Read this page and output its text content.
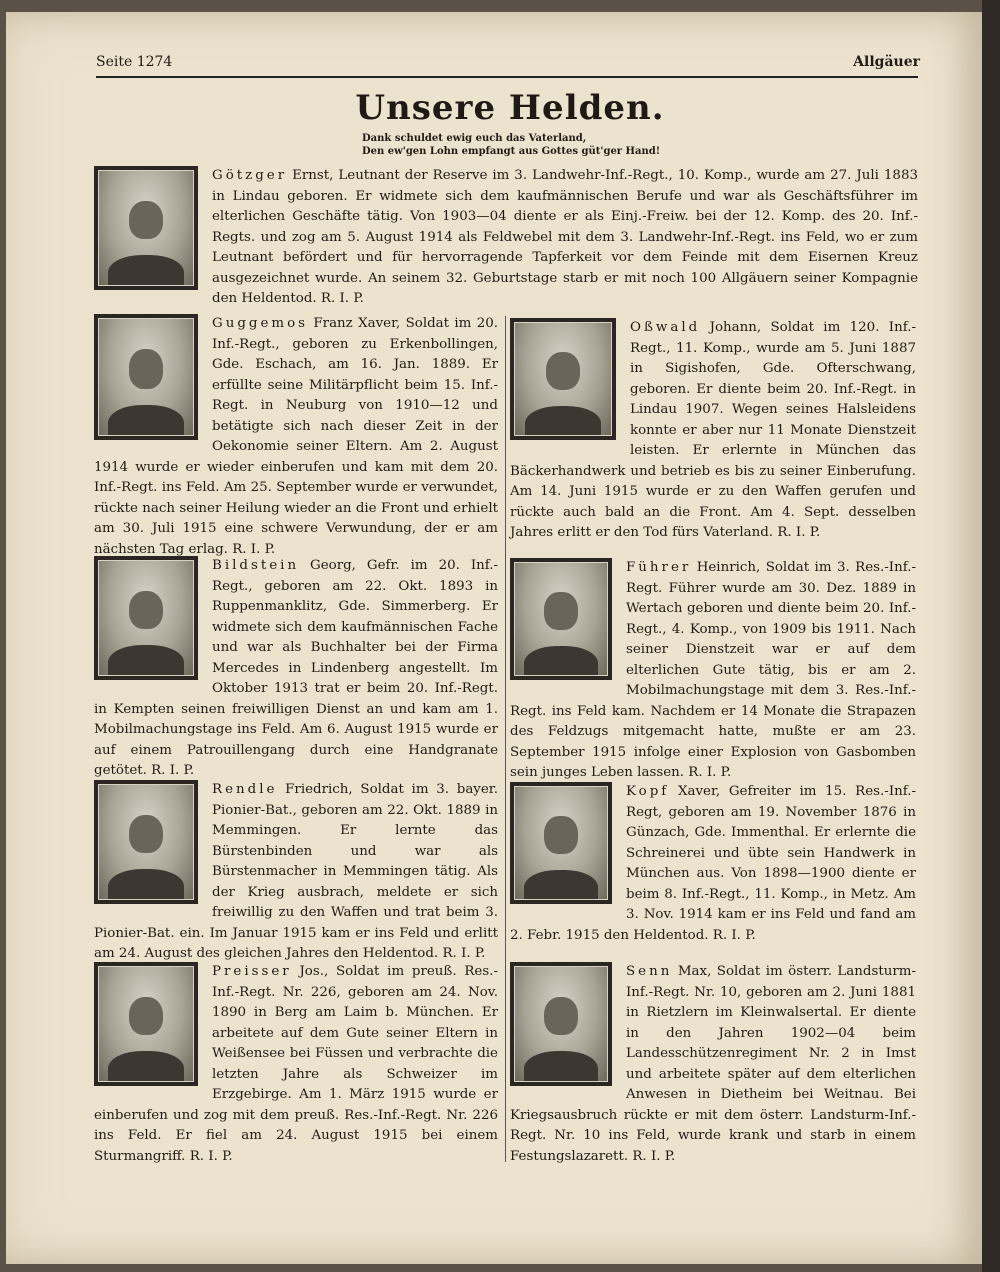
Seite 1274	Allgäuer
Unsere Helden.
Dank schuldet ewig euch das Vaterland,
Den ew'gen Lohn empfangt aus Gottes güt'ger Hand!
Götzger Ernst, Leutnant der Reserve im 3. Landwehr-Inf.-Regt., 10. Komp., wurde am 27. Juli 1883 in Lindau geboren. Er widmete sich dem kaufmännischen Berufe und war als Geschäftsführer im elterlichen Geschäfte tätig. Von 1903—04 diente er als Einj.-Freiw. bei der 12. Komp. des 20. Inf.-Regts. und zog am 5. August 1914 als Feldwebel mit dem 3. Landwehr-Inf.-Regt. ins Feld, wo er zum Leutnant befördert und für hervorragende Tapferkeit vor dem Feinde mit dem Eisernen Kreuz ausgezeichnet wurde. An seinem 32. Geburtstage starb er mit noch 100 Allgäuern seiner Kompagnie den Heldentod. R. I. P.
Guggemos Franz Xaver, Soldat im 20. Inf.-Regt., geboren zu Erkenbollingen, Gde. Eschach, am 16. Jan. 1889. Er erfüllte seine Militärpflicht beim 15. Inf.-Regt. in Neuburg von 1910—12 und betätigte sich nach dieser Zeit in der Oekonomie seiner Eltern. Am 2. August 1914 wurde er wieder einberufen und kam mit dem 20. Inf.-Regt. ins Feld. Am 25. September wurde er verwundet, rückte nach seiner Heilung wieder an die Front und erhielt am 30. Juli 1915 eine schwere Verwundung, der er am nächsten Tag erlag. R. I. P.
Bildstein Georg, Gefr. im 20. Inf.-Regt., geboren am 22. Okt. 1893 in Ruppenmanklitz, Gde. Simmerberg. Er widmete sich dem kaufmännischen Fache und war als Buchhalter bei der Firma Mercedes in Lindenberg angestellt. Im Oktober 1913 trat er beim 20. Inf.-Regt. in Kempten seinen freiwilligen Dienst an und kam am 1. Mobilmachungstage ins Feld. Am 6. August 1915 wurde er auf einem Patrouillengang durch eine Handgranate getötet. R. I. P.
Rendle Friedrich, Soldat im 3. bayer. Pionier-Bat., geboren am 22. Okt. 1889 in Memmingen. Er lernte das Bürstenbinden und war als Bürstenmacher in Memmingen tätig. Als der Krieg ausbrach, meldete er sich freiwillig zu den Waffen und trat beim 3. Pionier-Bat. ein. Im Januar 1915 kam er ins Feld und erlitt am 24. August des gleichen Jahres den Heldentod. R. I. P.
Preisser Jos., Soldat im preuß. Res.-Inf.-Regt. Nr. 226, geboren am 24. Nov. 1890 in Berg am Laim b. München. Er arbeitete auf dem Gute seiner Eltern in Weißensee bei Füssen und verbrachte die letzten Jahre als Schweizer im Erzgebirge. Am 1. März 1915 wurde er einberufen und zog mit dem preuß. Res.-Inf.-Regt. Nr. 226 ins Feld. Er fiel am 24. August 1915 bei einem Sturmangriff. R. I. P.
Oßwald Johann, Soldat im 120. Inf.-Regt., 11. Komp., wurde am 5. Juni 1887 in Sigishofen, Gde. Ofterschwang, geboren. Er diente beim 20. Inf.-Regt. in Lindau 1907. Wegen seines Halsleidens konnte er aber nur 11 Monate Dienstzeit leisten. Er erlernte in München das Bäckerhandwerk und betrieb es bis zu seiner Einberufung. Am 14. Juni 1915 wurde er zu den Waffen gerufen und rückte auch bald an die Front. Am 4. Sept. desselben Jahres erlitt er den Tod fürs Vaterland. R. I. P.
Führer Heinrich, Soldat im 3. Res.-Inf.-Regt. Führer wurde am 30. Dez. 1889 in Wertach geboren und diente beim 20. Inf.-Regt., 4. Komp., von 1909 bis 1911. Nach seiner Dienstzeit war er auf dem elterlichen Gute tätig, bis er am 2. Mobilmachungstage mit dem 3. Res.-Inf.-Regt. ins Feld kam. Nachdem er 14 Monate die Strapazen des Feldzugs mitgemacht hatte, mußte er am 23. September 1915 infolge einer Explosion von Gasbomben sein junges Leben lassen. R. I. P.
Kopf Xaver, Gefreiter im 15. Res.-Inf.-Regt, geboren am 19. November 1876 in Günzach, Gde. Immenthal. Er erlernte die Schreinerei und übte sein Handwerk in München aus. Von 1898—1900 diente er beim 8. Inf.-Regt., 11. Komp., in Metz. Am 3. Nov. 1914 kam er ins Feld und fand am 2. Febr. 1915 den Heldentod. R. I. P.
Senn Max, Soldat im österr. Landsturm-Inf.-Regt. Nr. 10, geboren am 2. Juni 1881 in Rietzlern im Kleinwalsertal. Er diente in den Jahren 1902—04 beim Landesschützenregiment Nr. 2 in Imst und arbeitete später auf dem elterlichen Anwesen in Dietheim bei Weitnau. Bei Kriegsausbruch rückte er mit dem österr. Landsturm-Inf.-Regt. Nr. 10 ins Feld, wurde krank und starb in einem Festungslazarett. R. I. P.
